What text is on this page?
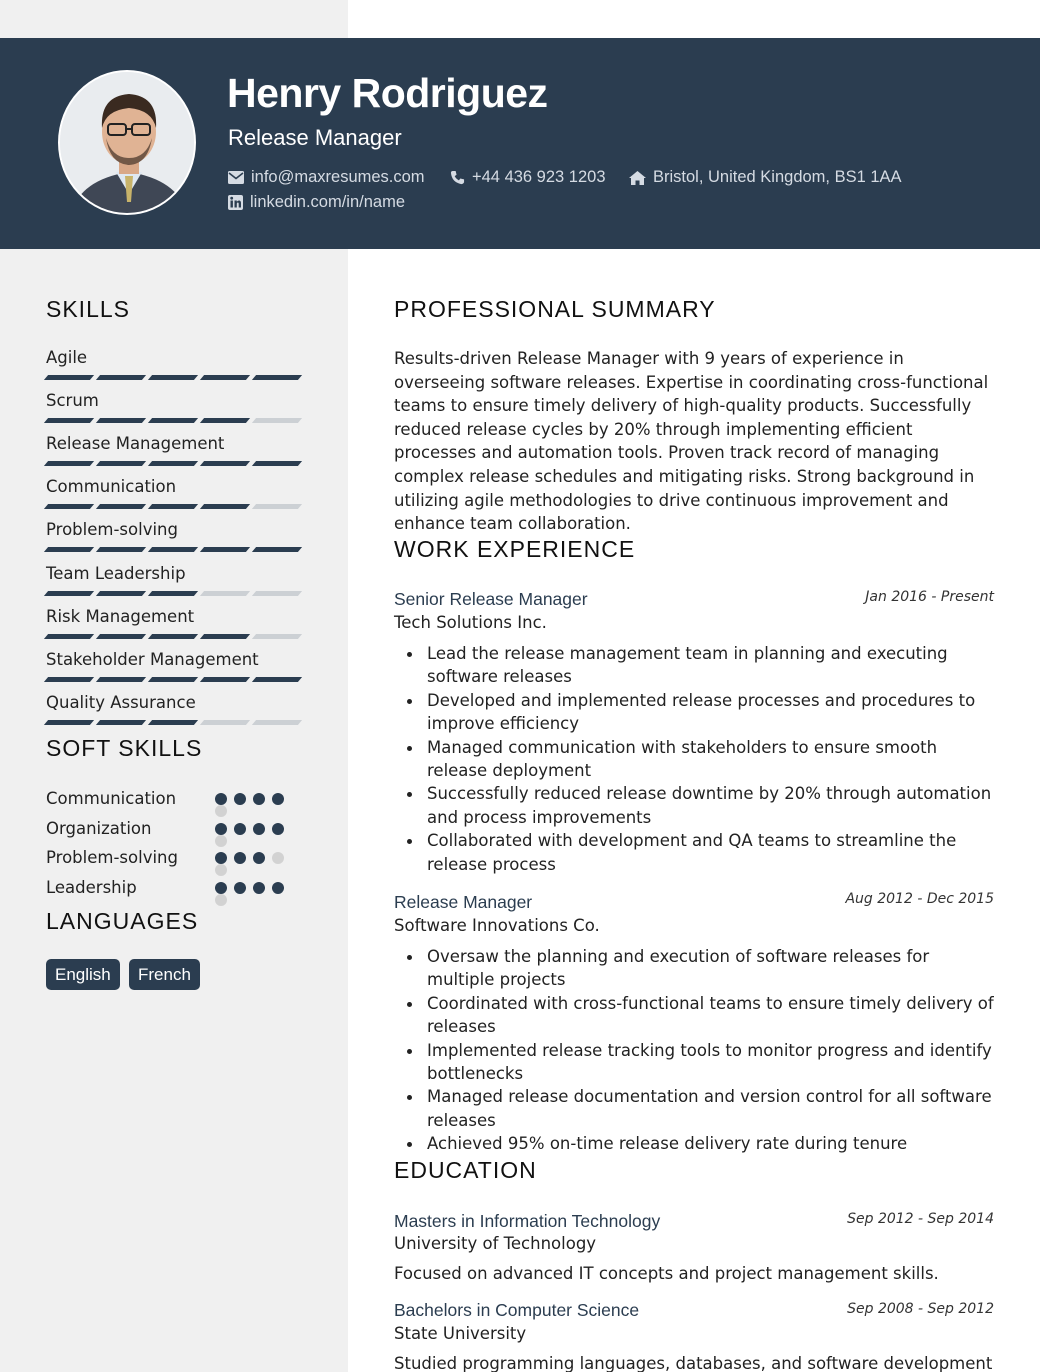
Henry Rodriguez
Release Manager
info@maxresumes.com	+44 436 923 1203	Bristol, United Kingdom, BS1 1AA
linkedin.com/in/name
SKILLS
Agile
Scrum
Release Management
Communication
Problem-solving
Team Leadership
Risk Management
Stakeholder Management
Quality Assurance
SOFT SKILLS
Communication
Organization
Problem-solving
Leadership
LANGUAGES
English	French
PROFESSIONAL SUMMARY
Results-driven Release Manager with 9 years of experience in overseeing software releases. Expertise in coordinating cross-functional teams to ensure timely delivery of high-quality products. Successfully reduced release cycles by 20% through implementing efficient processes and automation tools. Proven track record of managing complex release schedules and mitigating risks. Strong background in utilizing agile methodologies to drive continuous improvement and enhance team collaboration.
WORK EXPERIENCE
Senior Release Manager	Jan 2016 - Present
Tech Solutions Inc.
Lead the release management team in planning and executing software releases
Developed and implemented release processes and procedures to improve efficiency
Managed communication with stakeholders to ensure smooth release deployment
Successfully reduced release downtime by 20% through automation and process improvements
Collaborated with development and QA teams to streamline the release process
Release Manager	Aug 2012 - Dec 2015
Software Innovations Co.
Oversaw the planning and execution of software releases for multiple projects
Coordinated with cross-functional teams to ensure timely delivery of releases
Implemented release tracking tools to monitor progress and identify bottlenecks
Managed release documentation and version control for all software releases
Achieved 95% on-time release delivery rate during tenure
EDUCATION
Masters in Information Technology	Sep 2012 - Sep 2014
University of Technology
Focused on advanced IT concepts and project management skills.
Bachelors in Computer Science	Sep 2008 - Sep 2012
State University
Studied programming languages, databases, and software development
